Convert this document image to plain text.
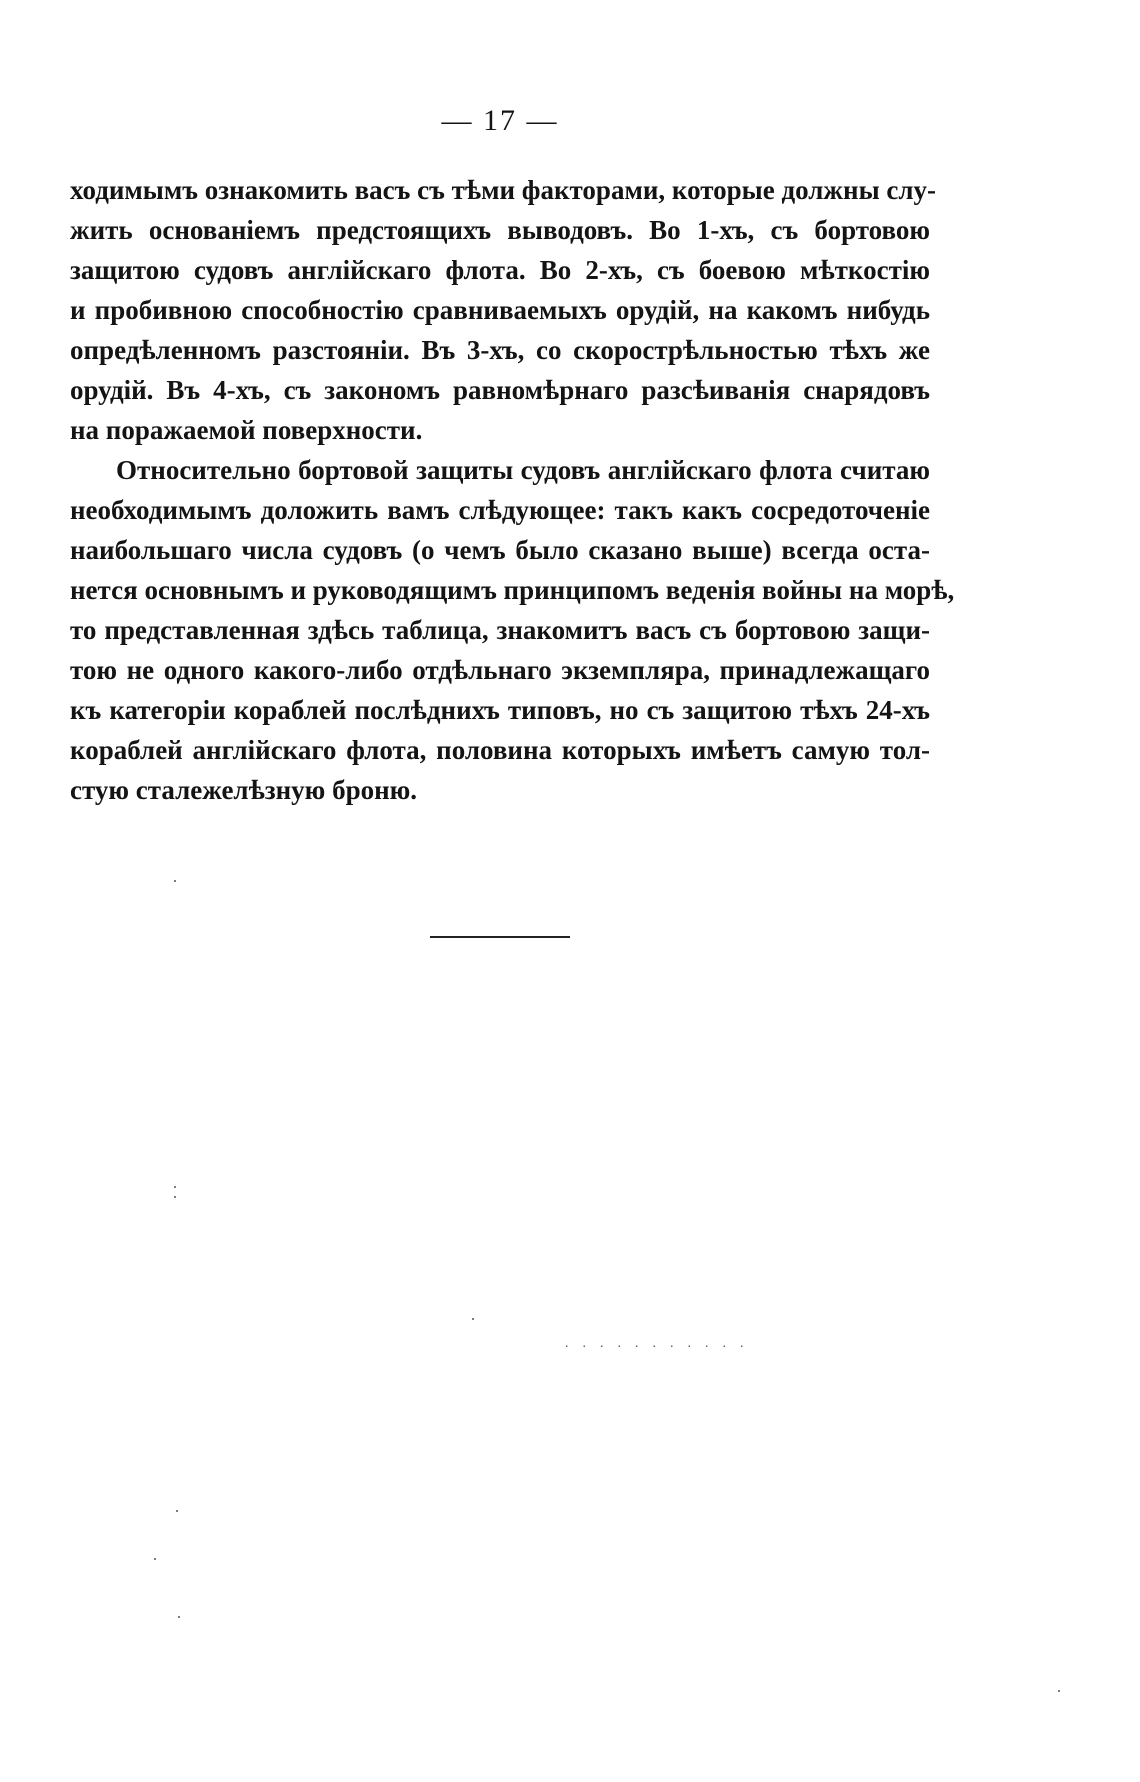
— 17 —
ходимымъ ознакомить васъ съ тѣми факторами, которые должны слу-
жить основаніемъ предстоящихъ выводовъ. Во 1-хъ, съ бортовою
защитою судовъ англійскаго флота. Во 2-хъ, съ боевою мѣткостію
и пробивною способностію сравниваемыхъ орудій, на какомъ нибудь
опредѣленномъ разстояніи. Въ 3-хъ, со скорострѣльностью тѣхъ же
орудій. Въ 4-хъ, съ закономъ равномѣрнаго разсѣиванія снарядовъ
на поражаемой поверхности.
Относительно бортовой защиты судовъ англійскаго флота считаю
необходимымъ доложить вамъ слѣдующее: такъ какъ сосредоточеніе
наибольшаго числа судовъ (о чемъ было сказано выше) всегда оста-
нется основнымъ и руководящимъ принципомъ веденія войны на морѣ,
то представленная здѣсь таблица, знакомитъ васъ съ бортовою защи-
тою не одного какого-либо отдѣльнаго экземпляра, принадлежащаго
къ категоріи кораблей послѣднихъ типовъ, но съ защитою тѣхъ 24-хъ
кораблей англійскаго флота, половина которыхъ имѣетъ самую тол-
стую сталежелѣзную броню.
...........
